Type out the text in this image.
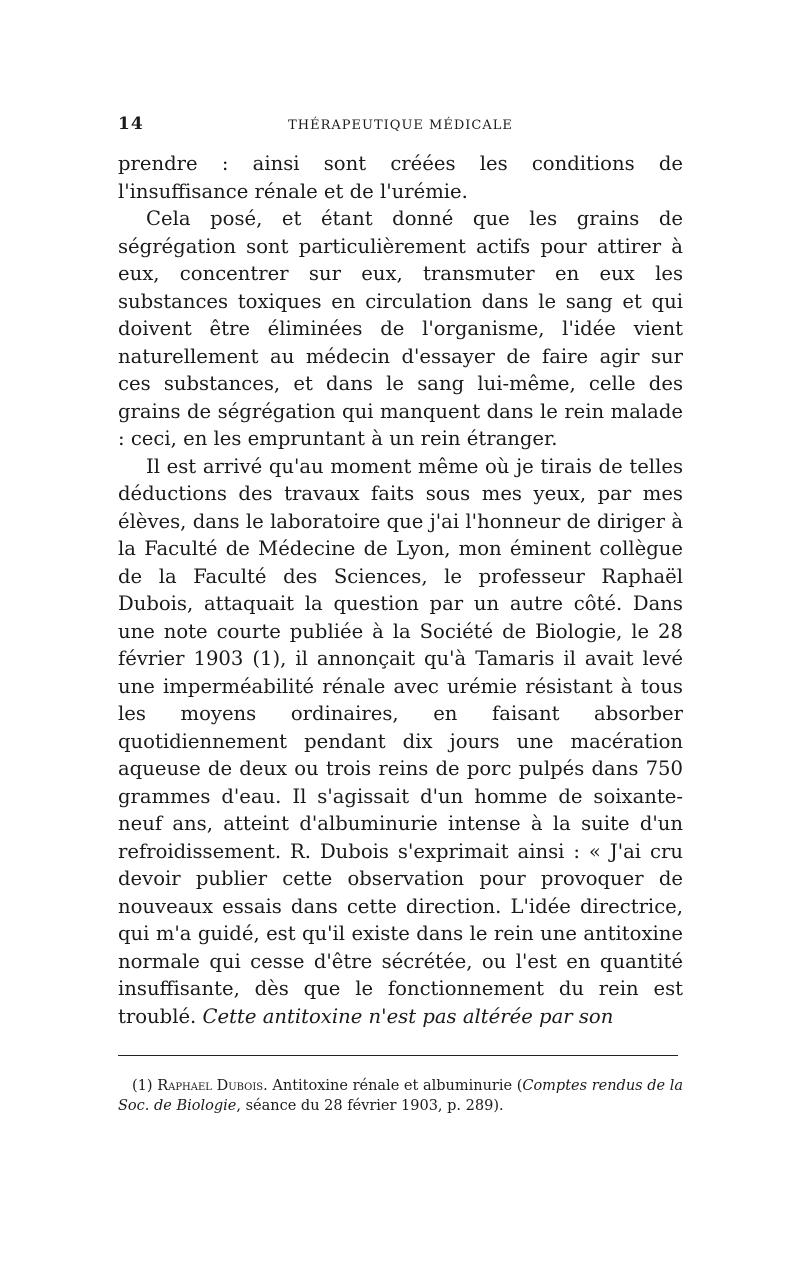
14	THÉRAPEUTIQUE MÉDICALE

prendre : ainsi sont créées les conditions de l'insuffisance rénale et de l'urémie.

Cela posé, et étant donné que les grains de ségrégation sont particulièrement actifs pour attirer à eux, concentrer sur eux, transmuter en eux les substances toxiques en circulation dans le sang et qui doivent être éliminées de l'organisme, l'idée vient naturellement au médecin d'essayer de faire agir sur ces substances, et dans le sang lui-même, celle des grains de ségrégation qui manquent dans le rein malade : ceci, en les empruntant à un rein étranger.

Il est arrivé qu'au moment même où je tirais de telles déductions des travaux faits sous mes yeux, par mes élèves, dans le laboratoire que j'ai l'honneur de diriger à la Faculté de Médecine de Lyon, mon éminent collègue de la Faculté des Sciences, le professeur Raphaël Dubois, attaquait la question par un autre côté. Dans une note courte publiée à la Société de Biologie, le 28 février 1903 (1), il annonçait qu'à Tamaris il avait levé une imperméabilité rénale avec urémie résistant à tous les moyens ordinaires, en faisant absorber quotidiennement pendant dix jours une macération aqueuse de deux ou trois reins de porc pulpés dans 750 grammes d'eau. Il s'agissait d'un homme de soixante-neuf ans, atteint d'albuminurie intense à la suite d'un refroidissement. R. Dubois s'exprimait ainsi : « J'ai cru devoir publier cette observation pour provoquer de nouveaux essais dans cette direction. L'idée directrice, qui m'a guidé, est qu'il existe dans le rein une antitoxine normale qui cesse d'être sécrétée, ou l'est en quantité insuffisante, dès que le fonctionnement du rein est troublé. Cette antitoxine n'est pas altérée par son

(1) Raphael Dubois. Antitoxine rénale et albuminurie (Comptes rendus de la Soc. de Biologie, séance du 28 février 1903, p. 289).
